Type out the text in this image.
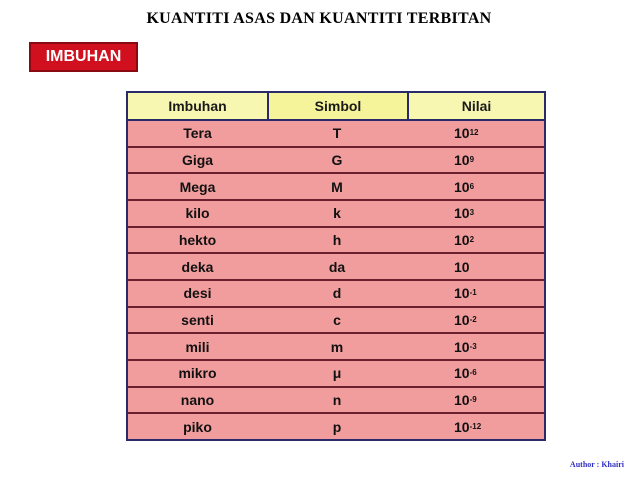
KUANTITI ASAS DAN KUANTITI TERBITAN
IMBUHAN
Imbuhan	Simbol	Nilai
Tera	T	10 12
Giga	G	10 9
Mega	M	10 6
kilo	k	10 3
hekto	h	10 2
deka	da	10
desi	d	10 -1
senti	c	10 -2
mili	m	10 -3
mikro	μ	10 -6
nano	n	10 -9
piko	p	10 -12
Author : Khairi
